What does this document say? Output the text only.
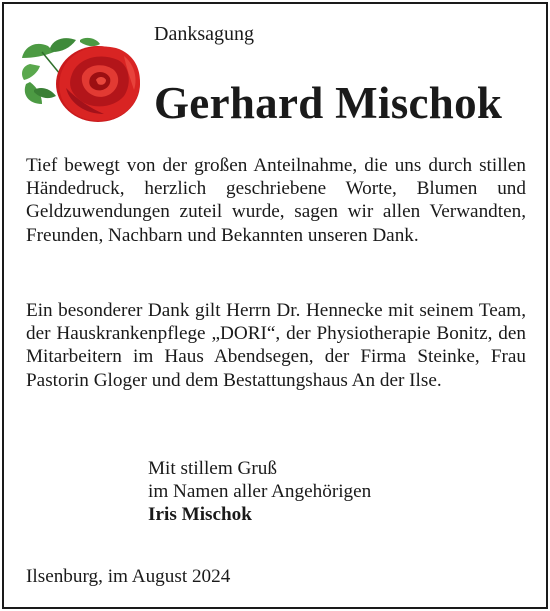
Danksagung
Gerhard Mischok

Tief bewegt von der großen Anteilnahme, die uns durch stillen Händedruck, herzlich geschriebene Worte, Blumen und Geldzuwendungen zuteil wurde, sagen wir allen Verwandten, Freunden, Nachbarn und Bekannten unseren Dank.

Ein besonderer Dank gilt Herrn Dr. Hennecke mit seinem Team, der Hauskrankenpflege „DORI“, der Physiotherapie Bonitz, den Mitarbeitern im Haus Abendsegen, der Firma Steinke, Frau Pastorin Gloger und dem Bestattungshaus An der Ilse.

Mit stillem Gruß
im Namen aller Angehörigen
Iris Mischok
Ilsenburg, im August 2024
